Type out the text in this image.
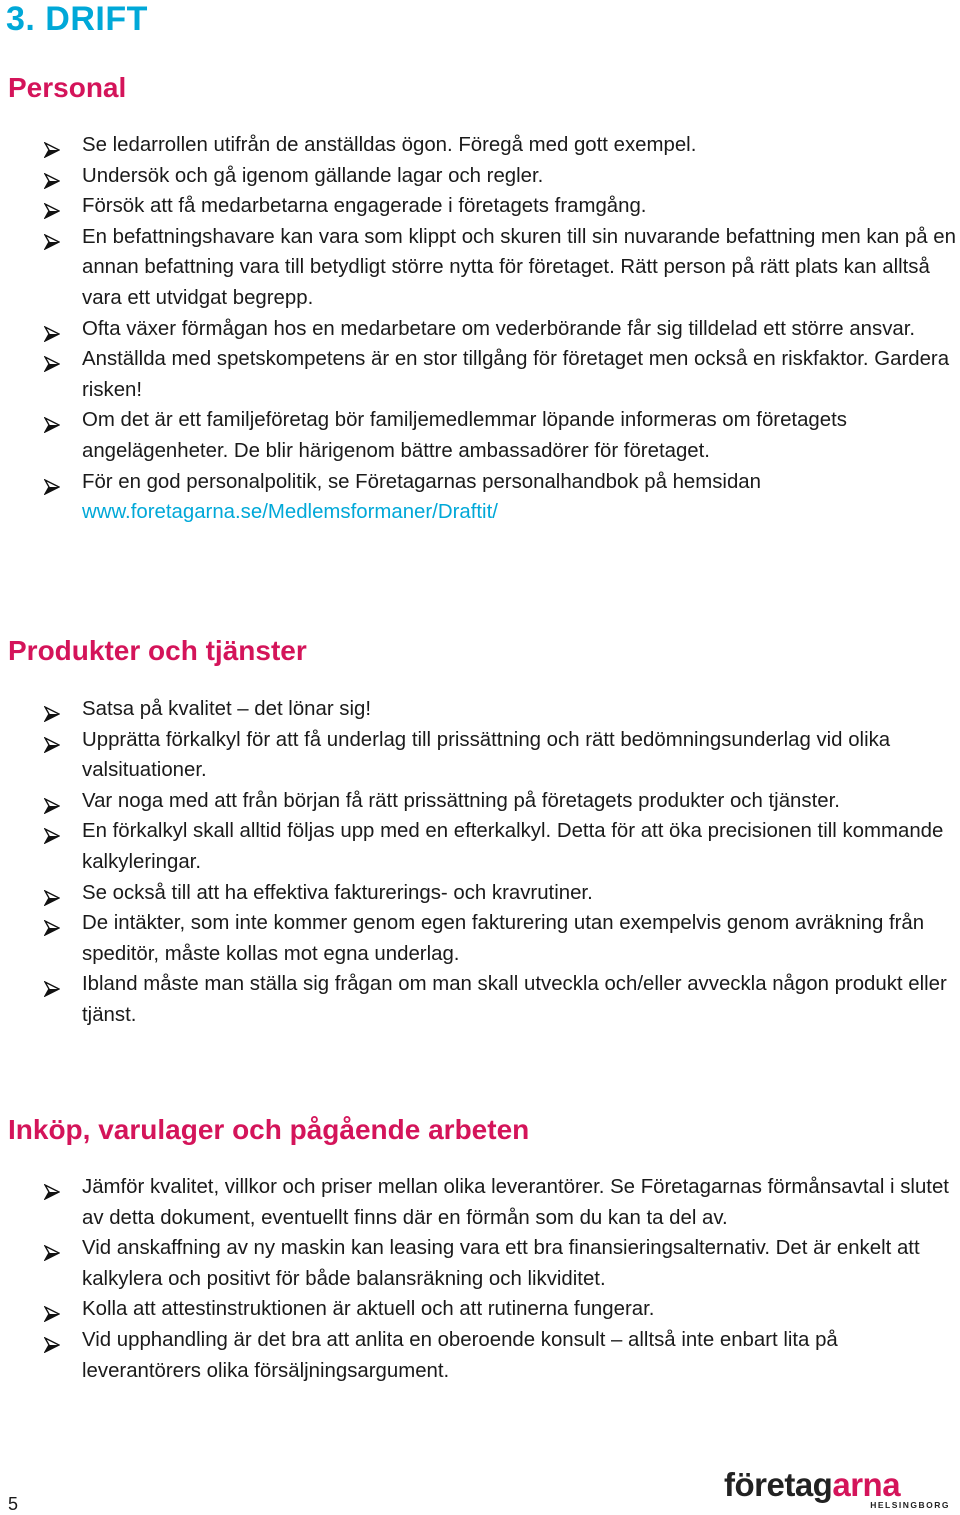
3. DRIFT
Personal
Se ledarrollen utifrån de anställdas ögon. Föregå med gott exempel.
Undersök och gå igenom gällande lagar och regler.
Försök att få medarbetarna engagerade i företagets framgång.
En befattningshavare kan vara som klippt och skuren till sin nuvarande befattning men kan på en annan befattning vara till betydligt större nytta för företaget. Rätt person på rätt plats kan alltså vara ett utvidgat begrepp.
Ofta växer förmågan hos en medarbetare om vederbörande får sig tilldelad ett större ansvar.
Anställda med spetskompetens är en stor tillgång för företaget men också en riskfaktor. Gardera risken!
Om det är ett familjeföretag bör familjemedlemmar löpande informeras om företagets angelägenheter. De blir härigenom bättre ambassadörer för företaget.
För en god personalpolitik, se Företagarnas personalhandbok på hemsidan
www.foretagarna.se/Medlemsformaner/Draftit/
Produkter och tjänster
Satsa på kvalitet – det lönar sig!
Upprätta förkalkyl för att få underlag till prissättning och rätt bedömningsunderlag vid olika valsituationer.
Var noga med att från början få rätt prissättning på företagets produkter och tjänster.
En förkalkyl skall alltid följas upp med en efterkalkyl. Detta för att öka precisionen till kommande kalkyleringar.
Se också till att ha effektiva fakturerings- och kravrutiner.
De intäkter, som inte kommer genom egen fakturering utan exempelvis genom avräkning från speditör, måste kollas mot egna underlag.
Ibland måste man ställa sig frågan om man skall utveckla och/eller avveckla någon produkt eller tjänst.
Inköp, varulager och pågående arbeten
Jämför kvalitet, villkor och priser mellan olika leverantörer. Se Företagarnas förmånsavtal i slutet av detta dokument, eventuellt finns där en förmån som du kan ta del av.
Vid anskaffning av ny maskin kan leasing vara ett bra finansieringsalternativ. Det är enkelt att kalkylera och positivt för både balansräkning och likviditet.
Kolla att attestinstruktionen är aktuell och att rutinerna fungerar.
Vid upphandling är det bra att anlita en oberoende konsult – alltså inte enbart lita på leverantörers olika försäljningsargument.
5
företagarna
HELSINGBORG
